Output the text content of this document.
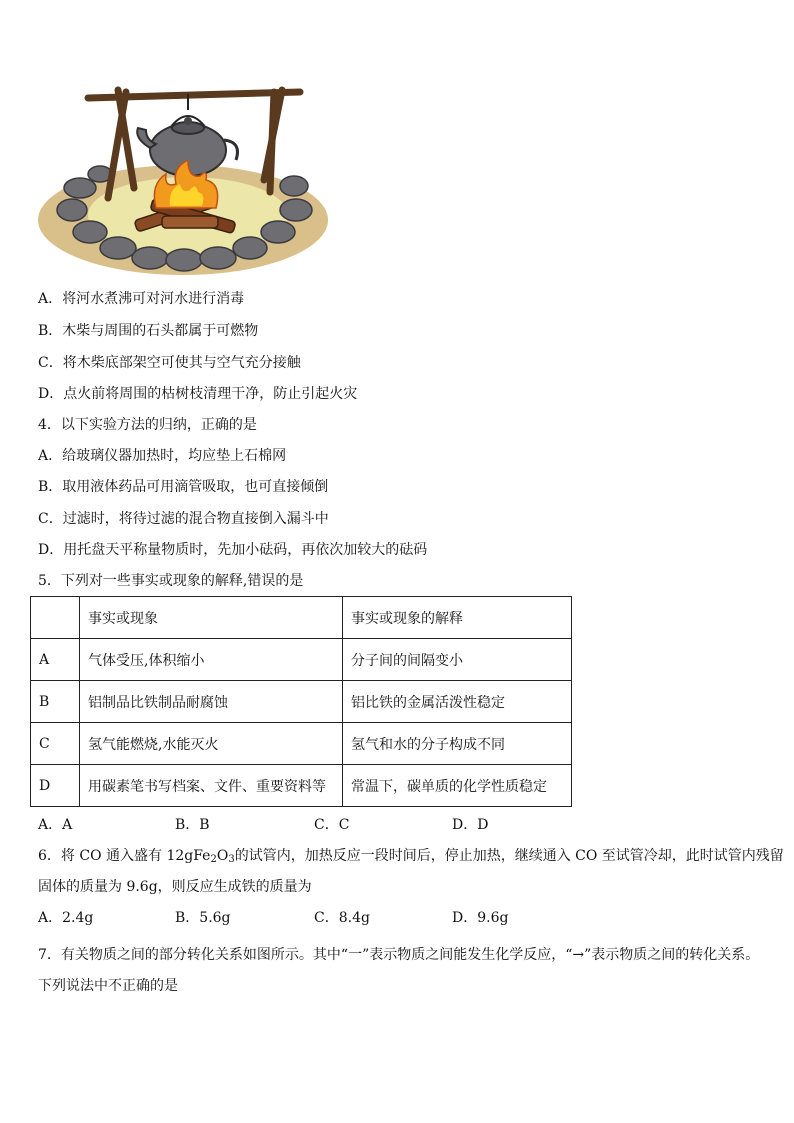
A．将河水煮沸可对河水进行消毒
B．木柴与周围的石头都属于可燃物
C．将木柴底部架空可使其与空气充分接触
D．点火前将周围的枯树枝清理干净，防止引起火灾
4．以下实验方法的归纳，正确的是
A．给玻璃仪器加热时，均应垫上石棉网
B．取用液体药品可用滴管吸取，也可直接倾倒
C．过滤时，将待过滤的混合物直接倒入漏斗中
D．用托盘天平称量物质时，先加小砝码，再依次加较大的砝码
5．下列对一些事实或现象的解释,错误的是
	事实或现象	事实或现象的解释
A	气体受压,体积缩小	分子间的间隔变小
B	铝制品比铁制品耐腐蚀	铝比铁的金属活泼性稳定
C	氢气能燃烧,水能灭火	氢气和水的分子构成不同
D	用碳素笔书写档案、文件、重要资料等	常温下，碳单质的化学性质稳定
A．A	B．B	C．C	D．D
6．将 CO 通入盛有 $12gFe_2O_3$的试管内，加热反应一段时间后，停止加热，继续通入 CO 至试管冷却，此时试管内残留
固体的质量为 9.6g，则反应生成铁的质量为
A．2.4g	B．5.6g	C．8.4g	D．9.6g
7．有关物质之间的部分转化关系如图所示。其中“一”表示物质之间能发生化学反应，“→”表示物质之间的转化关系。下列说法中不正确的是
